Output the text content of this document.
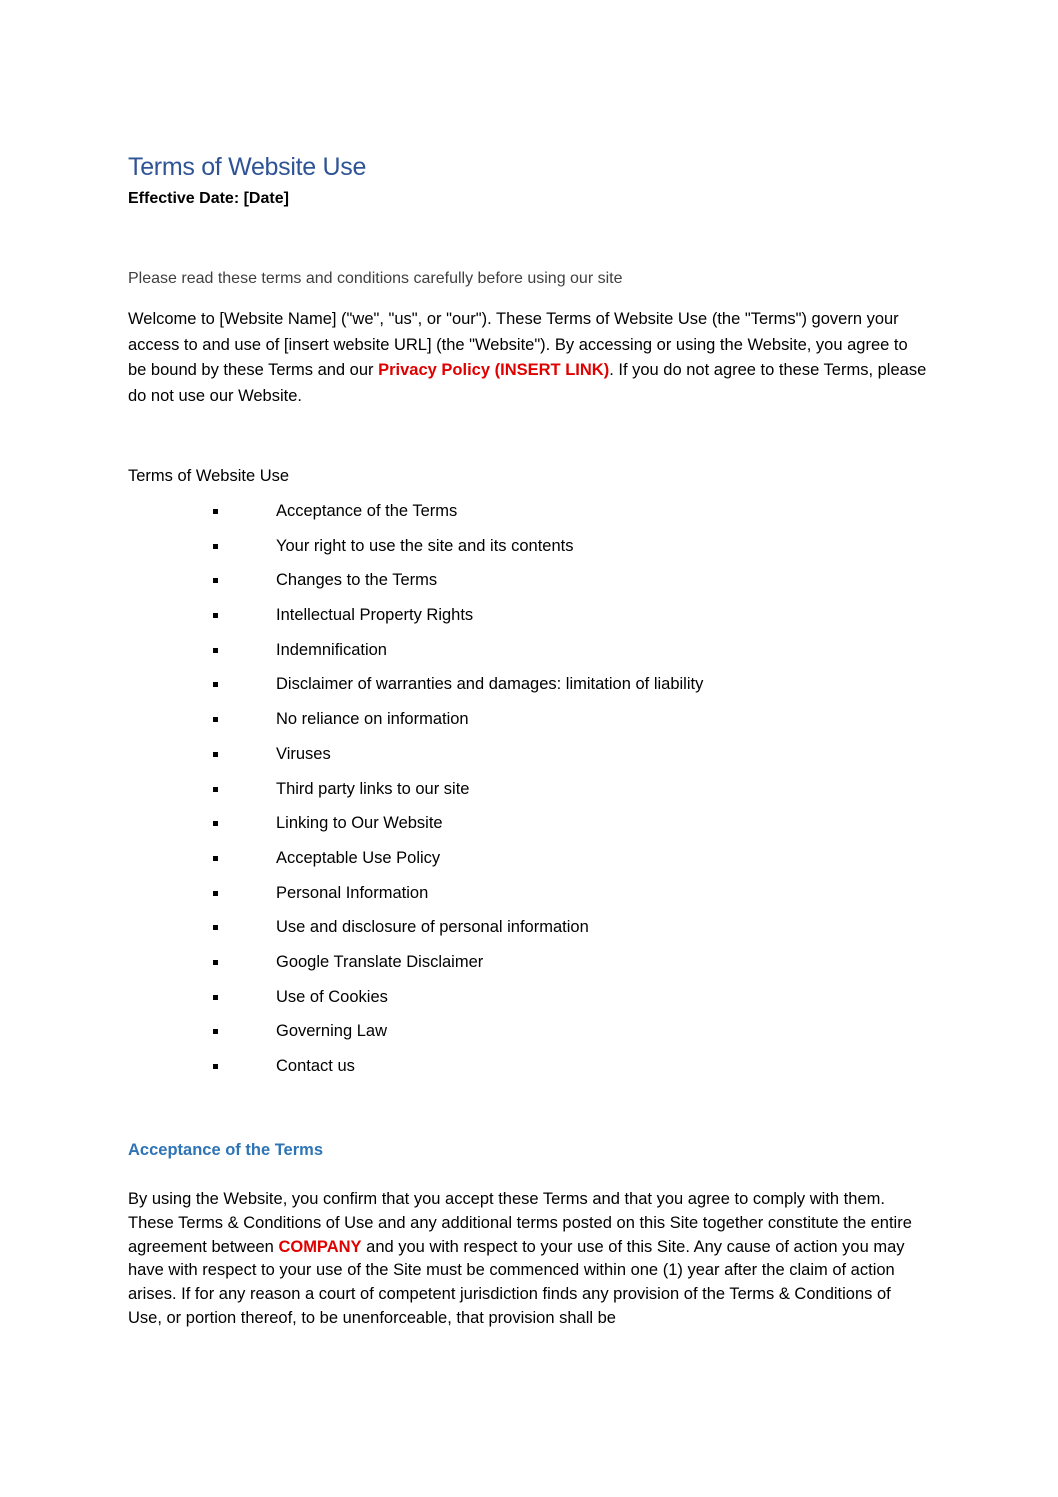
Terms of Website Use
Effective Date: [Date]
Please read these terms and conditions carefully before using our site
Welcome to [Website Name] ("we", "us", or "our"). These Terms of Website Use (the "Terms") govern your access to and use of [insert website URL] (the "Website"). By accessing or using the Website, you agree to be bound by these Terms and our Privacy Policy (INSERT LINK). If you do not agree to these Terms, please do not use our Website.
Terms of Website Use
Acceptance of the Terms
Your right to use the site and its contents
Changes to the Terms
Intellectual Property Rights
Indemnification
Disclaimer of warranties and damages: limitation of liability
No reliance on information
Viruses
Third party links to our site
Linking to Our Website
Acceptable Use Policy
Personal Information
Use and disclosure of personal information
Google Translate Disclaimer
Use of Cookies
Governing Law
Contact us
Acceptance of the Terms

By using the Website, you confirm that you accept these Terms and that you agree to comply with them.

These Terms & Conditions of Use and any additional terms posted on this Site together constitute the entire agreement between COMPANY and you with respect to your use of this Site. Any cause of action you may have with respect to your use of the Site must be commenced within one (1) year after the claim of action arises. If for any reason a court of competent jurisdiction finds any provision of the Terms & Conditions of Use, or portion thereof, to be unenforceable, that provision shall be
